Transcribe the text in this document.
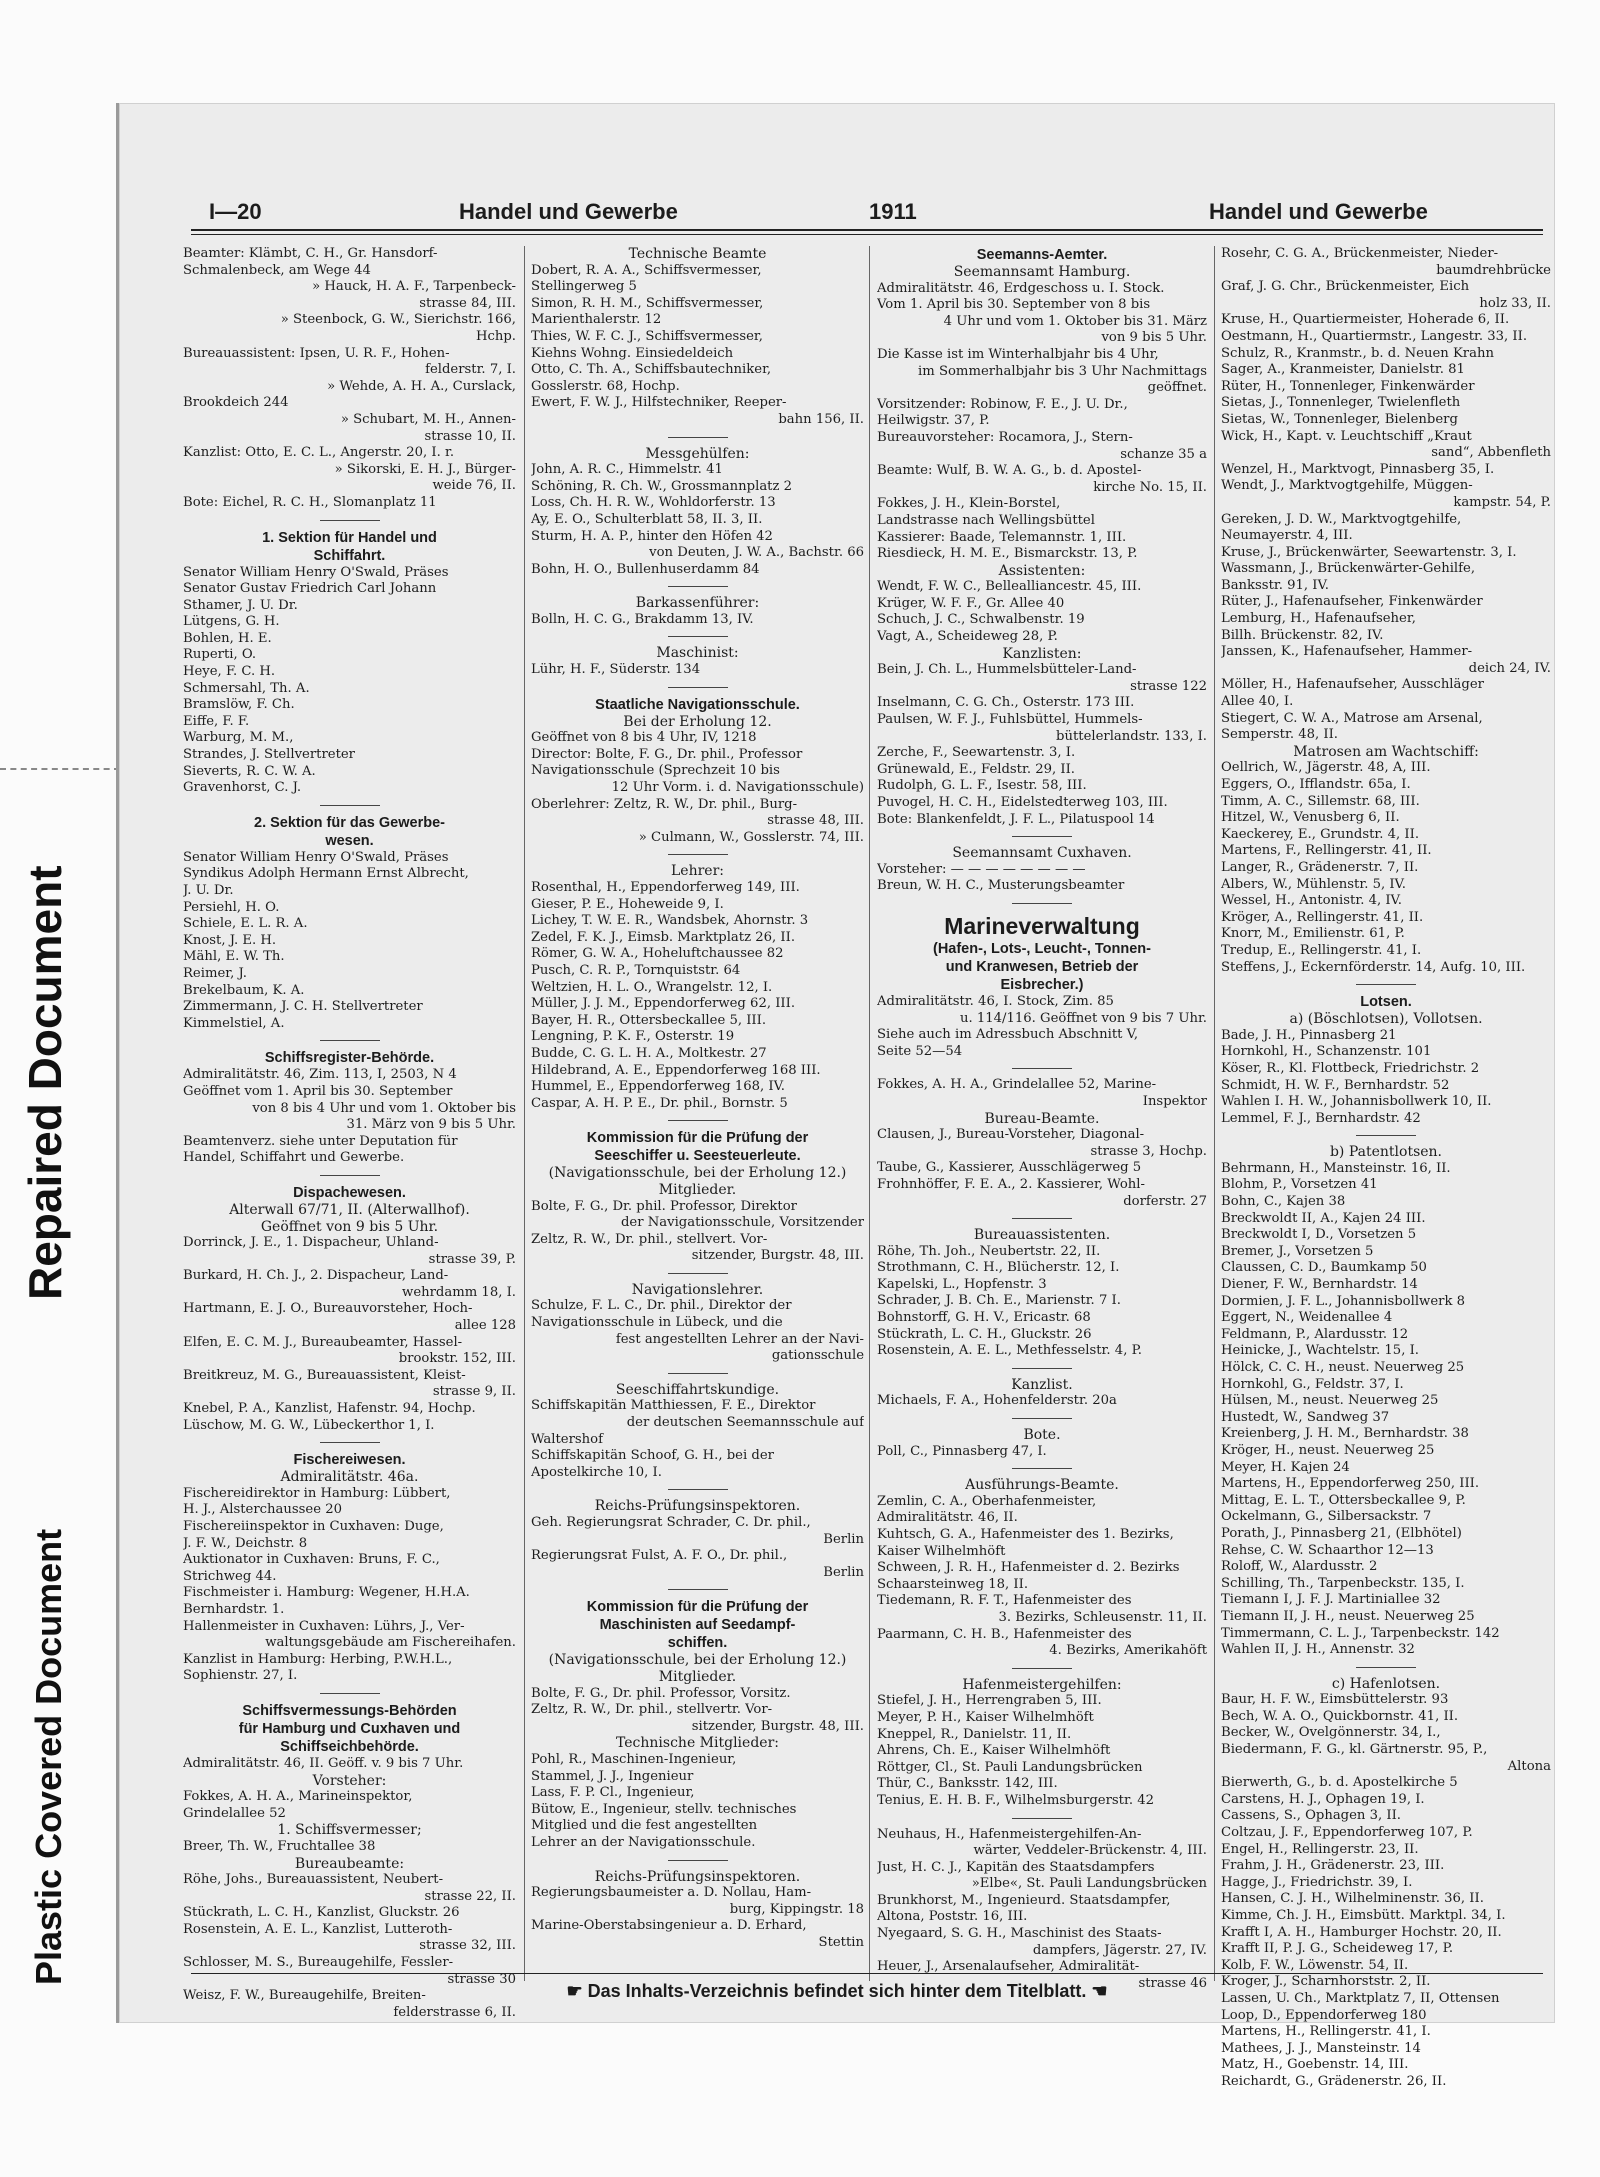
Repaired Document
Plastic Covered Document
I—20	Handel und Gewerbe	1911	Handel und Gewerbe
Beamter: Klämbt, C. H., Gr. Hansdorf-
Schmalenbeck, am Wege 44
» Hauck, H. A. F., Tarpenbeck-
strasse 84, III.
» Steenbock, G. W., Sierichstr. 166,
Hchp.
Bureauassistent: Ipsen, U. R. F., Hohen-
felderstr. 7, I.
» Wehde, A. H. A., Curslack,
Brookdeich 244
» Schubart, M. H., Annen-
strasse 10, II.
Kanzlist: Otto, E. C. L., Angerstr. 20, I. r.
» Sikorski, E. H. J., Bürger-
weide 76, II.
Bote: Eichel, R. C. H., Slomanplatz 11
1. Sektion für Handel und
Schiffahrt.
Senator William Henry O'Swald, Präses
Senator Gustav Friedrich Carl Johann
Sthamer, J. U. Dr.
Lütgens, G. H.
Bohlen, H. E.
Ruperti, O.
Heye, F. C. H.
Schmersahl, Th. A.
Bramslöw, F. Ch.
Eiffe, F. F.
Warburg, M. M.,
Strandes, J. Stellvertreter
Sieverts, R. C. W. A.
Gravenhorst, C. J.
2. Sektion für das Gewerbe-
wesen.
Senator William Henry O'Swald, Präses
Syndikus Adolph Hermann Ernst Albrecht,
J. U. Dr.
Persiehl, H. O.
Schiele, E. L. R. A.
Knost, J. E. H.
Mähl, E. W. Th.
Reimer, J.
Brekelbaum, K. A.
Zimmermann, J. C. H. Stellvertreter
Kimmelstiel, A.
Schiffsregister-Behörde.
Admiralitätstr. 46, Zim. 113, I, 2503, N 4
Geöffnet vom 1. April bis 30. September
von 8 bis 4 Uhr und vom 1. Oktober bis
31. März von 9 bis 5 Uhr.
Beamtenverz. siehe unter Deputation für
Handel, Schiffahrt und Gewerbe.
Dispachewesen.
Alterwall 67/71, II. (Alterwallhof).
Geöffnet von 9 bis 5 Uhr.
Dorrinck, J. E., 1. Dispacheur, Uhland-
strasse 39, P.
Burkard, H. Ch. J., 2. Dispacheur, Land-
wehrdamm 18, I.
Hartmann, E. J. O., Bureauvorsteher, Hoch-
allee 128
Elfen, E. C. M. J., Bureaubeamter, Hassel-
brookstr. 152, III.
Breitkreuz, M. G., Bureauassistent, Kleist-
strasse 9, II.
Knebel, P. A., Kanzlist, Hafenstr. 94, Hochp.
Lüschow, M. G. W., Lübeckerthor 1, I.
Fischereiwesen.
Admiralitätstr. 46a.
Fischereidirektor in Hamburg: Lübbert,
H. J., Alsterchaussee 20
Fischereiinspektor in Cuxhaven: Duge,
J. F. W., Deichstr. 8
Auktionator in Cuxhaven: Bruns, F. C.,
Strichweg 44.
Fischmeister i. Hamburg: Wegener, H.H.A.
Bernhardstr. 1.
Hallenmeister in Cuxhaven: Lührs, J., Ver-
waltungsgebäude am Fischereihafen.
Kanzlist in Hamburg: Herbing, P.W.H.L.,
Sophienstr. 27, I.
Schiffsvermessungs-Behörden
für Hamburg und Cuxhaven und
Schiffseichbehörde.
Admiralitätstr. 46, II. Geöff. v. 9 bis 7 Uhr.
Vorsteher:
Fokkes, A. H. A., Marineinspektor,
Grindelallee 52
1. Schiffsvermesser;
Breer, Th. W., Fruchtallee 38
Bureaubeamte:
Röhe, Johs., Bureauassistent, Neubert-
strasse 22, II.
Stückrath, L. C. H., Kanzlist, Gluckstr. 26
Rosenstein, A. E. L., Kanzlist, Lutteroth-
strasse 32, III.
Schlosser, M. S., Bureaugehilfe, Fessler-
strasse 30
Weisz, F. W., Bureaugehilfe, Breiten-
felderstrasse 6, II.
Technische Beamte
Dobert, R. A. A., Schiffsvermesser,
Stellingerweg 5
Simon, R. H. M., Schiffsvermesser,
Marienthalerstr. 12
Thies, W. F. C. J., Schiffsvermesser,
Kiehns Wohng. Einsiedeldeich
Otto, C. Th. A., Schiffsbautechniker,
Gosslerstr. 68, Hochp.
Ewert, F. W. J., Hilfstechniker, Reeper-
bahn 156, II.
Messgehülfen:
John, A. R. C., Himmelstr. 41
Schöning, R. Ch. W., Grossmannplatz 2
Loss, Ch. H. R. W., Wohldorferstr. 13
Ay, E. O., Schulterblatt 58, II. 3, II.
Sturm, H. A. P., hinter den Höfen 42
von Deuten, J. W. A., Bachstr. 66
Bohn, H. O., Bullenhuserdamm 84
Barkassenführer:
Bolln, H. C. G., Brakdamm 13, IV.
Maschinist:
Lühr, H. F., Süderstr. 134
Staatliche Navigationsschule.
Bei der Erholung 12.
Geöffnet von 8 bis 4 Uhr, IV, 1218
Director: Bolte, F. G., Dr. phil., Professor
Navigationsschule (Sprechzeit 10 bis
12 Uhr Vorm. i. d. Navigationsschule)
Oberlehrer: Zeltz, R. W., Dr. phil., Burg-
strasse 48, III.
» Culmann, W., Gosslerstr. 74, III.
Lehrer:
Rosenthal, H., Eppendorferweg 149, III.
Gieser, P. E., Hoheweide 9, I.
Lichey, T. W. E. R., Wandsbek, Ahornstr. 3
Zedel, F. K. J., Eimsb. Marktplatz 26, II.
Römer, G. W. A., Hoheluftchaussee 82
Pusch, C. R. P., Tornquiststr. 64
Weltzien, H. L. O., Wrangelstr. 12, I.
Müller, J. J. M., Eppendorferweg 62, III.
Bayer, H. R., Ottersbeckallee 5, III.
Lengning, P. K. F., Osterstr. 19
Budde, C. G. L. H. A., Moltkestr. 27
Hildebrand, A. E., Eppendorferweg 168 III.
Hummel, E., Eppendorferweg 168, IV.
Caspar, A. H. P. E., Dr. phil., Bornstr. 5
Kommission für die Prüfung der
Seeschiffer u. Seesteuerleute.
(Navigationsschule, bei der Erholung 12.)
Mitglieder.
Bolte, F. G., Dr. phil. Professor, Direktor
der Navigationsschule, Vorsitzender
Zeltz, R. W., Dr. phil., stellvert. Vor-
sitzender, Burgstr. 48, III.
Navigationslehrer.
Schulze, F. L. C., Dr. phil., Direktor der
Navigationsschule in Lübeck, und die
fest angestellten Lehrer an der Navi-
gationsschule
Seeschiffahrtskundige.
Schiffskapitän Matthiessen, F. E., Direktor
der deutschen Seemannsschule auf
Waltershof
Schiffskapitän Schoof, G. H., bei der
Apostelkirche 10, I.
Reichs-Prüfungsinspektoren.
Geh. Regierungsrat Schrader, C. Dr. phil.,
Berlin
Regierungsrat Fulst, A. F. O., Dr. phil.,
Berlin
Kommission für die Prüfung der
Maschinisten auf Seedampf-
schiffen.
(Navigationsschule, bei der Erholung 12.)
Mitglieder.
Bolte, F. G., Dr. phil. Professor, Vorsitz.
Zeltz, R. W., Dr. phil., stellvertr. Vor-
sitzender, Burgstr. 48, III.
Technische Mitglieder:
Pohl, R., Maschinen-Ingenieur,
Stammel, J. J., Ingenieur
Lass, F. P. Cl., Ingenieur,
Bütow, E., Ingenieur, stellv. technisches
Mitglied und die fest angestellten
Lehrer an der Navigationsschule.
Reichs-Prüfungsinspektoren.
Regierungsbaumeister a. D. Nollau, Ham-
burg, Kippingstr. 18
Marine-Oberstabsingenieur a. D. Erhard,
Stettin
Seemanns-Aemter.
Seemannsamt Hamburg.
Admiralitätstr. 46, Erdgeschoss u. I. Stock.
Vom 1. April bis 30. September von 8 bis
4 Uhr und vom 1. Oktober bis 31. März
von 9 bis 5 Uhr.
Die Kasse ist im Winterhalbjahr bis 4 Uhr,
im Sommerhalbjahr bis 3 Uhr Nachmittags
geöffnet.
Vorsitzender: Robinow, F. E., J. U. Dr.,
Heilwigstr. 37, P.
Bureauvorsteher: Rocamora, J., Stern-
schanze 35 a
Beamte: Wulf, B. W. A. G., b. d. Apostel-
kirche No. 15, II.
Fokkes, J. H., Klein-Borstel,
Landstrasse nach Wellingsbüttel
Kassierer: Baade, Telemannstr. 1, III.
Riesdieck, H. M. E., Bismarckstr. 13, P.
Assistenten:
Wendt, F. W. C., Bellealliancestr. 45, III.
Krüger, W. F. F., Gr. Allee 40
Schuch, J. C., Schwalbenstr. 19
Vagt, A., Scheideweg 28, P.
Kanzlisten:
Bein, J. Ch. L., Hummelsbütteler-Land-
strasse 122
Inselmann, C. G. Ch., Osterstr. 173 III.
Paulsen, W. F. J., Fuhlsbüttel, Hummels-
büttelerlandstr. 133, I.
Zerche, F., Seewartenstr. 3, I.
Grünewald, E., Feldstr. 29, II.
Rudolph, G. L. F., Isestr. 58, III.
Puvogel, H. C. H., Eidelstedterweg 103, III.
Bote: Blankenfeldt, J. F. L., Pilatuspool 14
Seemannsamt Cuxhaven.
Vorsteher: — — — — — — — —
Breun, W. H. C., Musterungsbeamter
Marineverwaltung
(Hafen-, Lots-, Leucht-, Tonnen-
und Kranwesen, Betrieb der
Eisbrecher.)
Admiralitätstr. 46, I. Stock, Zim. 85
u. 114/116. Geöffnet von 9 bis 7 Uhr.
Siehe auch im Adressbuch Abschnitt V,
Seite 52—54
Fokkes, A. H. A., Grindelallee 52, Marine-
Inspektor
Bureau-Beamte.
Clausen, J., Bureau-Vorsteher, Diagonal-
strasse 3, Hochp.
Taube, G., Kassierer, Ausschlägerweg 5
Frohnhöffer, F. E. A., 2. Kassierer, Wohl-
dorferstr. 27
Bureauassistenten.
Röhe, Th. Joh., Neubertstr. 22, II.
Strothmann, C. H., Blücherstr. 12, I.
Kapelski, L., Hopfenstr. 3
Schrader, J. B. Ch. E., Marienstr. 7 I.
Bohnstorff, G. H. V., Ericastr. 68
Stückrath, L. C. H., Gluckstr. 26
Rosenstein, A. E. L., Methfesselstr. 4, P.
Kanzlist.
Michaels, F. A., Hohenfelderstr. 20a
Bote.
Poll, C., Pinnasberg 47, I.
Ausführungs-Beamte.
Zemlin, C. A., Oberhafenmeister,
Admiralitätstr. 46, II.
Kuhtsch, G. A., Hafenmeister des 1. Bezirks,
Kaiser Wilhelmhöft
Schween, J. R. H., Hafenmeister d. 2. Bezirks
Schaarsteinweg 18, II.
Tiedemann, R. F. T., Hafenmeister des
3. Bezirks, Schleusenstr. 11, II.
Paarmann, C. H. B., Hafenmeister des
4. Bezirks, Amerikahöft
Hafenmeistergehilfen:
Stiefel, J. H., Herrengraben 5, III.
Meyer, P. H., Kaiser Wilhelmhöft
Kneppel, R., Danielstr. 11, II.
Ahrens, Ch. E., Kaiser Wilhelmhöft
Röttger, Cl., St. Pauli Landungsbrücken
Thür, C., Banksstr. 142, III.
Tenius, E. H. B. F., Wilhelmsburgerstr. 42
Neuhaus, H., Hafenmeistergehilfen-An-
wärter, Veddeler-Brückenstr. 4, III.
Just, H. C. J., Kapitän des Staatsdampfers
»Elbe«, St. Pauli Landungsbrücken
Brunkhorst, M., Ingenieurd. Staatsdampfer,
Altona, Poststr. 16, III.
Nyegaard, S. G. H., Maschinist des Staats-
dampfers, Jägerstr. 27, IV.
Heuer, J., Arsenalaufseher, Admiralität-
strasse 46
Rosehr, C. G. A., Brückenmeister, Nieder-
baumdrehbrücke
Graf, J. G. Chr., Brückenmeister, Eich
holz 33, II.
Kruse, H., Quartiermeister, Hoherade 6, II.
Oestmann, H., Quartiermstr., Langestr. 33, II.
Schulz, R., Kranmstr., b. d. Neuen Krahn
Sager, A., Kranmeister, Danielstr. 81
Rüter, H., Tonnenleger, Finkenwärder
Sietas, J., Tonnenleger, Twielenfleth
Sietas, W., Tonnenleger, Bielenberg
Wick, H., Kapt. v. Leuchtschiff „Kraut
sand“, Abbenfleth
Wenzel, H., Marktvogt, Pinnasberg 35, I.
Wendt, J., Marktvogtgehilfe, Müggen-
kampstr. 54, P.
Gereken, J. D. W., Marktvogtgehilfe,
Neumayerstr. 4, III.
Kruse, J., Brückenwärter, Seewartenstr. 3, I.
Wassmann, J., Brückenwärter-Gehilfe,
Banksstr. 91, IV.
Rüter, J., Hafenaufseher, Finkenwärder
Lemburg, H., Hafenaufseher,
Billh. Brückenstr. 82, IV.
Janssen, K., Hafenaufseher, Hammer-
deich 24, IV.
Möller, H., Hafenaufseher, Ausschläger
Allee 40, I.
Stiegert, C. W. A., Matrose am Arsenal,
Semperstr. 48, II.
Matrosen am Wachtschiff:
Oellrich, W., Jägerstr. 48, A, III.
Eggers, O., Ifflandstr. 65a, I.
Timm, A. C., Sillemstr. 68, III.
Hitzel, W., Venusberg 6, II.
Kaeckerey, E., Grundstr. 4, II.
Martens, F., Rellingerstr. 41, II.
Langer, R., Grädenerstr. 7, II.
Albers, W., Mühlenstr. 5, IV.
Wessel, H., Antonistr. 4, IV.
Kröger, A., Rellingerstr. 41, II.
Knorr, M., Emilienstr. 61, P.
Tredup, E., Rellingerstr. 41, I.
Steffens, J., Eckernförderstr. 14, Aufg. 10, III.
Lotsen.
a) (Böschlotsen), Vollotsen.
Bade, J. H., Pinnasberg 21
Hornkohl, H., Schanzenstr. 101
Köser, R., Kl. Flottbeck, Friedrichstr. 2
Schmidt, H. W. F., Bernhardstr. 52
Wahlen I. H. W., Johannisbollwerk 10, II.
Lemmel, F. J., Bernhardstr. 42
b) Patentlotsen.
Behrmann, H., Mansteinstr. 16, II.
Blohm, P., Vorsetzen 41
Bohn, C., Kajen 38
Breckwoldt II, A., Kajen 24 III.
Breckwoldt I, D., Vorsetzen 5
Bremer, J., Vorsetzen 5
Claussen, C. D., Baumkamp 50
Diener, F. W., Bernhardstr. 14
Dormien, J. F. L., Johannisbollwerk 8
Eggert, N., Weidenallee 4
Feldmann, P., Alardusstr. 12
Heinicke, J., Wachtelstr. 15, I.
Hölck, C. C. H., neust. Neuerweg 25
Hornkohl, G., Feldstr. 37, I.
Hülsen, M., neust. Neuerweg 25
Hustedt, W., Sandweg 37
Kreienberg, J. H. M., Bernhardstr. 38
Kröger, H., neust. Neuerweg 25
Meyer, H. Kajen 24
Martens, H., Eppendorferweg 250, III.
Mittag, E. L. T., Ottersbeckallee 9, P.
Ockelmann, G., Silbersackstr. 7
Porath, J., Pinnasberg 21, (Elbhötel)
Rehse, C. W. Schaarthor 12—13
Roloff, W., Alardusstr. 2
Schilling, Th., Tarpenbeckstr. 135, I.
Tiemann I, J. F. J. Martiniallee 32
Tiemann II, J. H., neust. Neuerweg 25
Timmermann, C. L. J., Tarpenbeckstr. 142
Wahlen II, J. H., Annenstr. 32
c) Hafenlotsen.
Baur, H. F. W., Eimsbüttelerstr. 93
Bech, W. A. O., Quickbornstr. 41, II.
Becker, W., Övelgönnerstr. 34, I.,
Biedermann, F. G., kl. Gärtnerstr. 95, P.,
Altona
Bierwerth, G., b. d. Apostelkirche 5
Carstens, H. J., Ophagen 19, I.
Cassens, S., Ophagen 3, II.
Coltzau, J. F., Eppendorferweg 107, P.
Engel, H., Rellingerstr. 23, II.
Frahm, J. H., Grädenerstr. 23, III.
Hagge, J., Friedrichstr. 39, I.
Hansen, C. J. H., Wilhelminenstr. 36, II.
Kimme, Ch. J. H., Eimsbütt. Marktpl. 34, I.
Krafft I, A. H., Hamburger Hochstr. 20, II.
Krafft II, P. J. G., Scheideweg 17, P.
Kolb, F. W., Löwenstr. 54, II.
Kroger, J., Scharnhorststr. 2, II.
Lassen, U. Ch., Marktplatz 7, II, Ottensen
Loop, D., Eppendorferweg 180
Martens, H., Rellingerstr. 41, I.
Mathees, J. J., Mansteinstr. 14
Matz, H., Goebenstr. 14, III.
Reichardt, G., Grädenerstr. 26, II.
☛ Das Inhalts-Verzeichnis befindet sich hinter dem Titelblatt. ☚
